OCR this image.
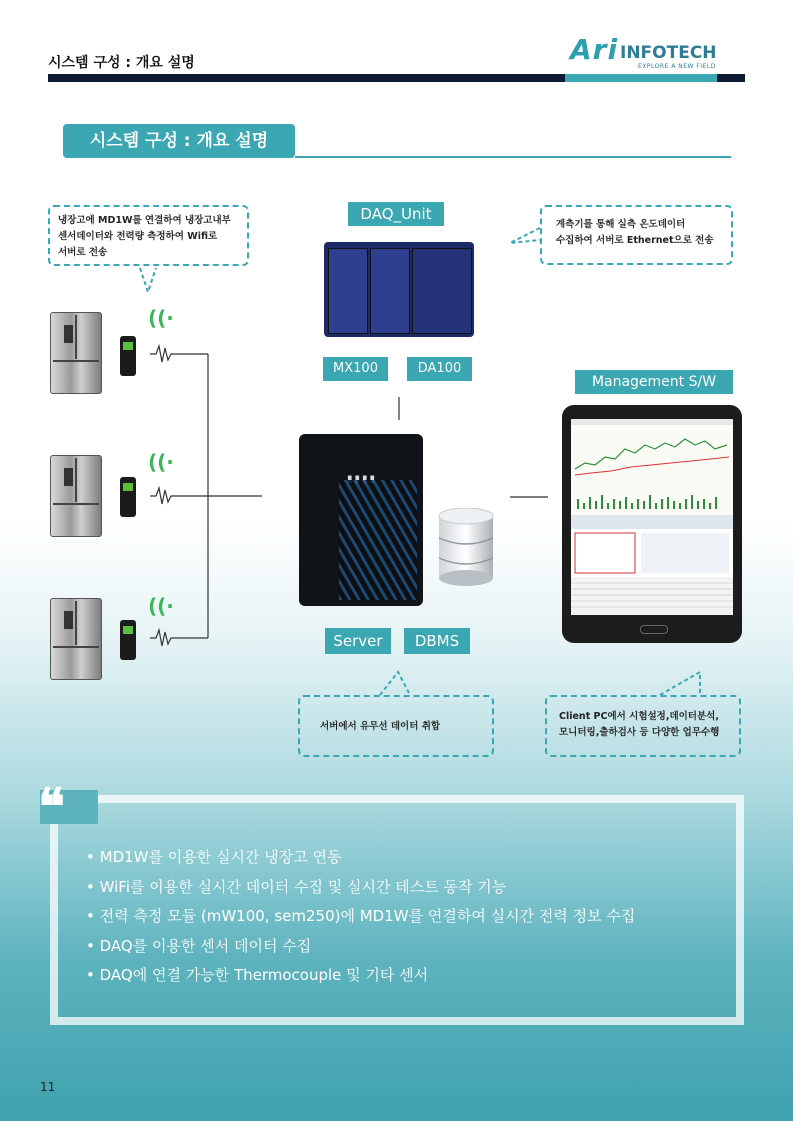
시스템 구성 : 개요 설명	Ari INFOTECH
EXPLORE A NEW FIELD
시스템 구성 : 개요 설명
냉장고에 MD1W를 연결하여 냉장고내부
센서데이터와 전력량 측정하여 Wifi로
서버로 전송
계측기를 통해 실측 온도데이터
수집하여 서버로 Ethernet으로 전송
서버에서 유무선 데이터 취합
Client PC에서 시험설정,데이터분석,
모니터링,출하검사 등 다양한 업무수행
((·
((·
((·
DAQ_Unit
MX100	DA100
Server	DBMS
Management S/W
❝
• MD1W를 이용한 실시간 냉장고 연동
• WiFi를 이용한 실시간 데이터 수집 및 실시간 테스트 동작 기능
• 전력 측정 모듈 (mW100, sem250)에 MD1W를 연결하여 실시간 전력 정보 수집
• DAQ를 이용한 센서 데이터 수집
• DAQ에 연결 가능한 Thermocouple 및 기타 센서
11
